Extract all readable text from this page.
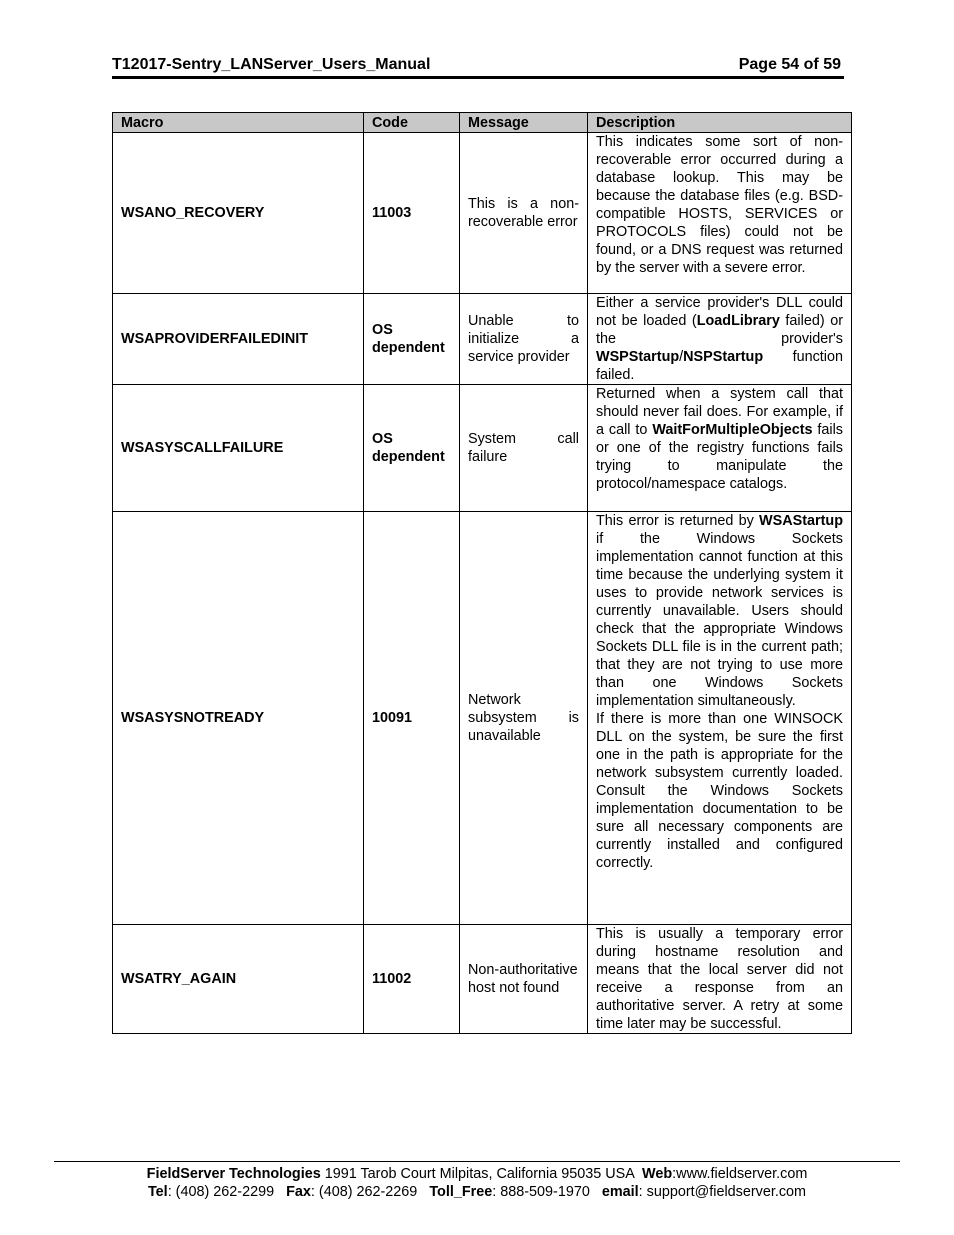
T12017-Sentry_LANServer_Users_Manual	Page 54 of 59
Macro	Code	Message	Description
WSANO_RECOVERY	11003	This is a non-recoverable error	This indicates some sort of non-recoverable error occurred during a database lookup. This may be because the database files (e.g. BSD-compatible HOSTS, SERVICES or PROTOCOLS files) could not be found, or a DNS request was returned by the server with a severe error.

WSAPROVIDERFAILEDINIT	OS dependent	Unable to initialize a service provider	Either a service provider's DLL could not be loaded (LoadLibrary failed) or the provider's WSPStartup/NSPStartup function failed.

WSASYSCALLFAILURE	OS dependent	System call failure	Returned when a system call that should never fail does. For example, if a call to WaitForMultipleObjects fails or one of the registry functions fails trying to manipulate the protocol/namespace catalogs.

WSASYSNOTREADY	10091	Network subsystem is unavailable	This error is returned by WSAStartup if the Windows Sockets implementation cannot function at this time because the underlying system it uses to provide network services is currently unavailable. Users should check that the appropriate Windows Sockets DLL file is in the current path; that they are not trying to use more than one Windows Sockets implementation simultaneously.

If there is more than one WINSOCK DLL on the system, be sure the first one in the path is appropriate for the network subsystem currently loaded. Consult the Windows Sockets implementation documentation to be sure all necessary components are currently installed and configured correctly.

WSATRY_AGAIN	11002	Non-authoritative host not found	This is usually a temporary error during hostname resolution and means that the local server did not receive a response from an authoritative server. A retry at some time later may be successful.

FieldServer Technologies 1991 Tarob Court Milpitas, California 95035 USA  Web:www.fieldserver.com
Tel: (408) 262-2299   Fax: (408) 262-2269   Toll_Free: 888-509-1970   email: support@fieldserver.com
